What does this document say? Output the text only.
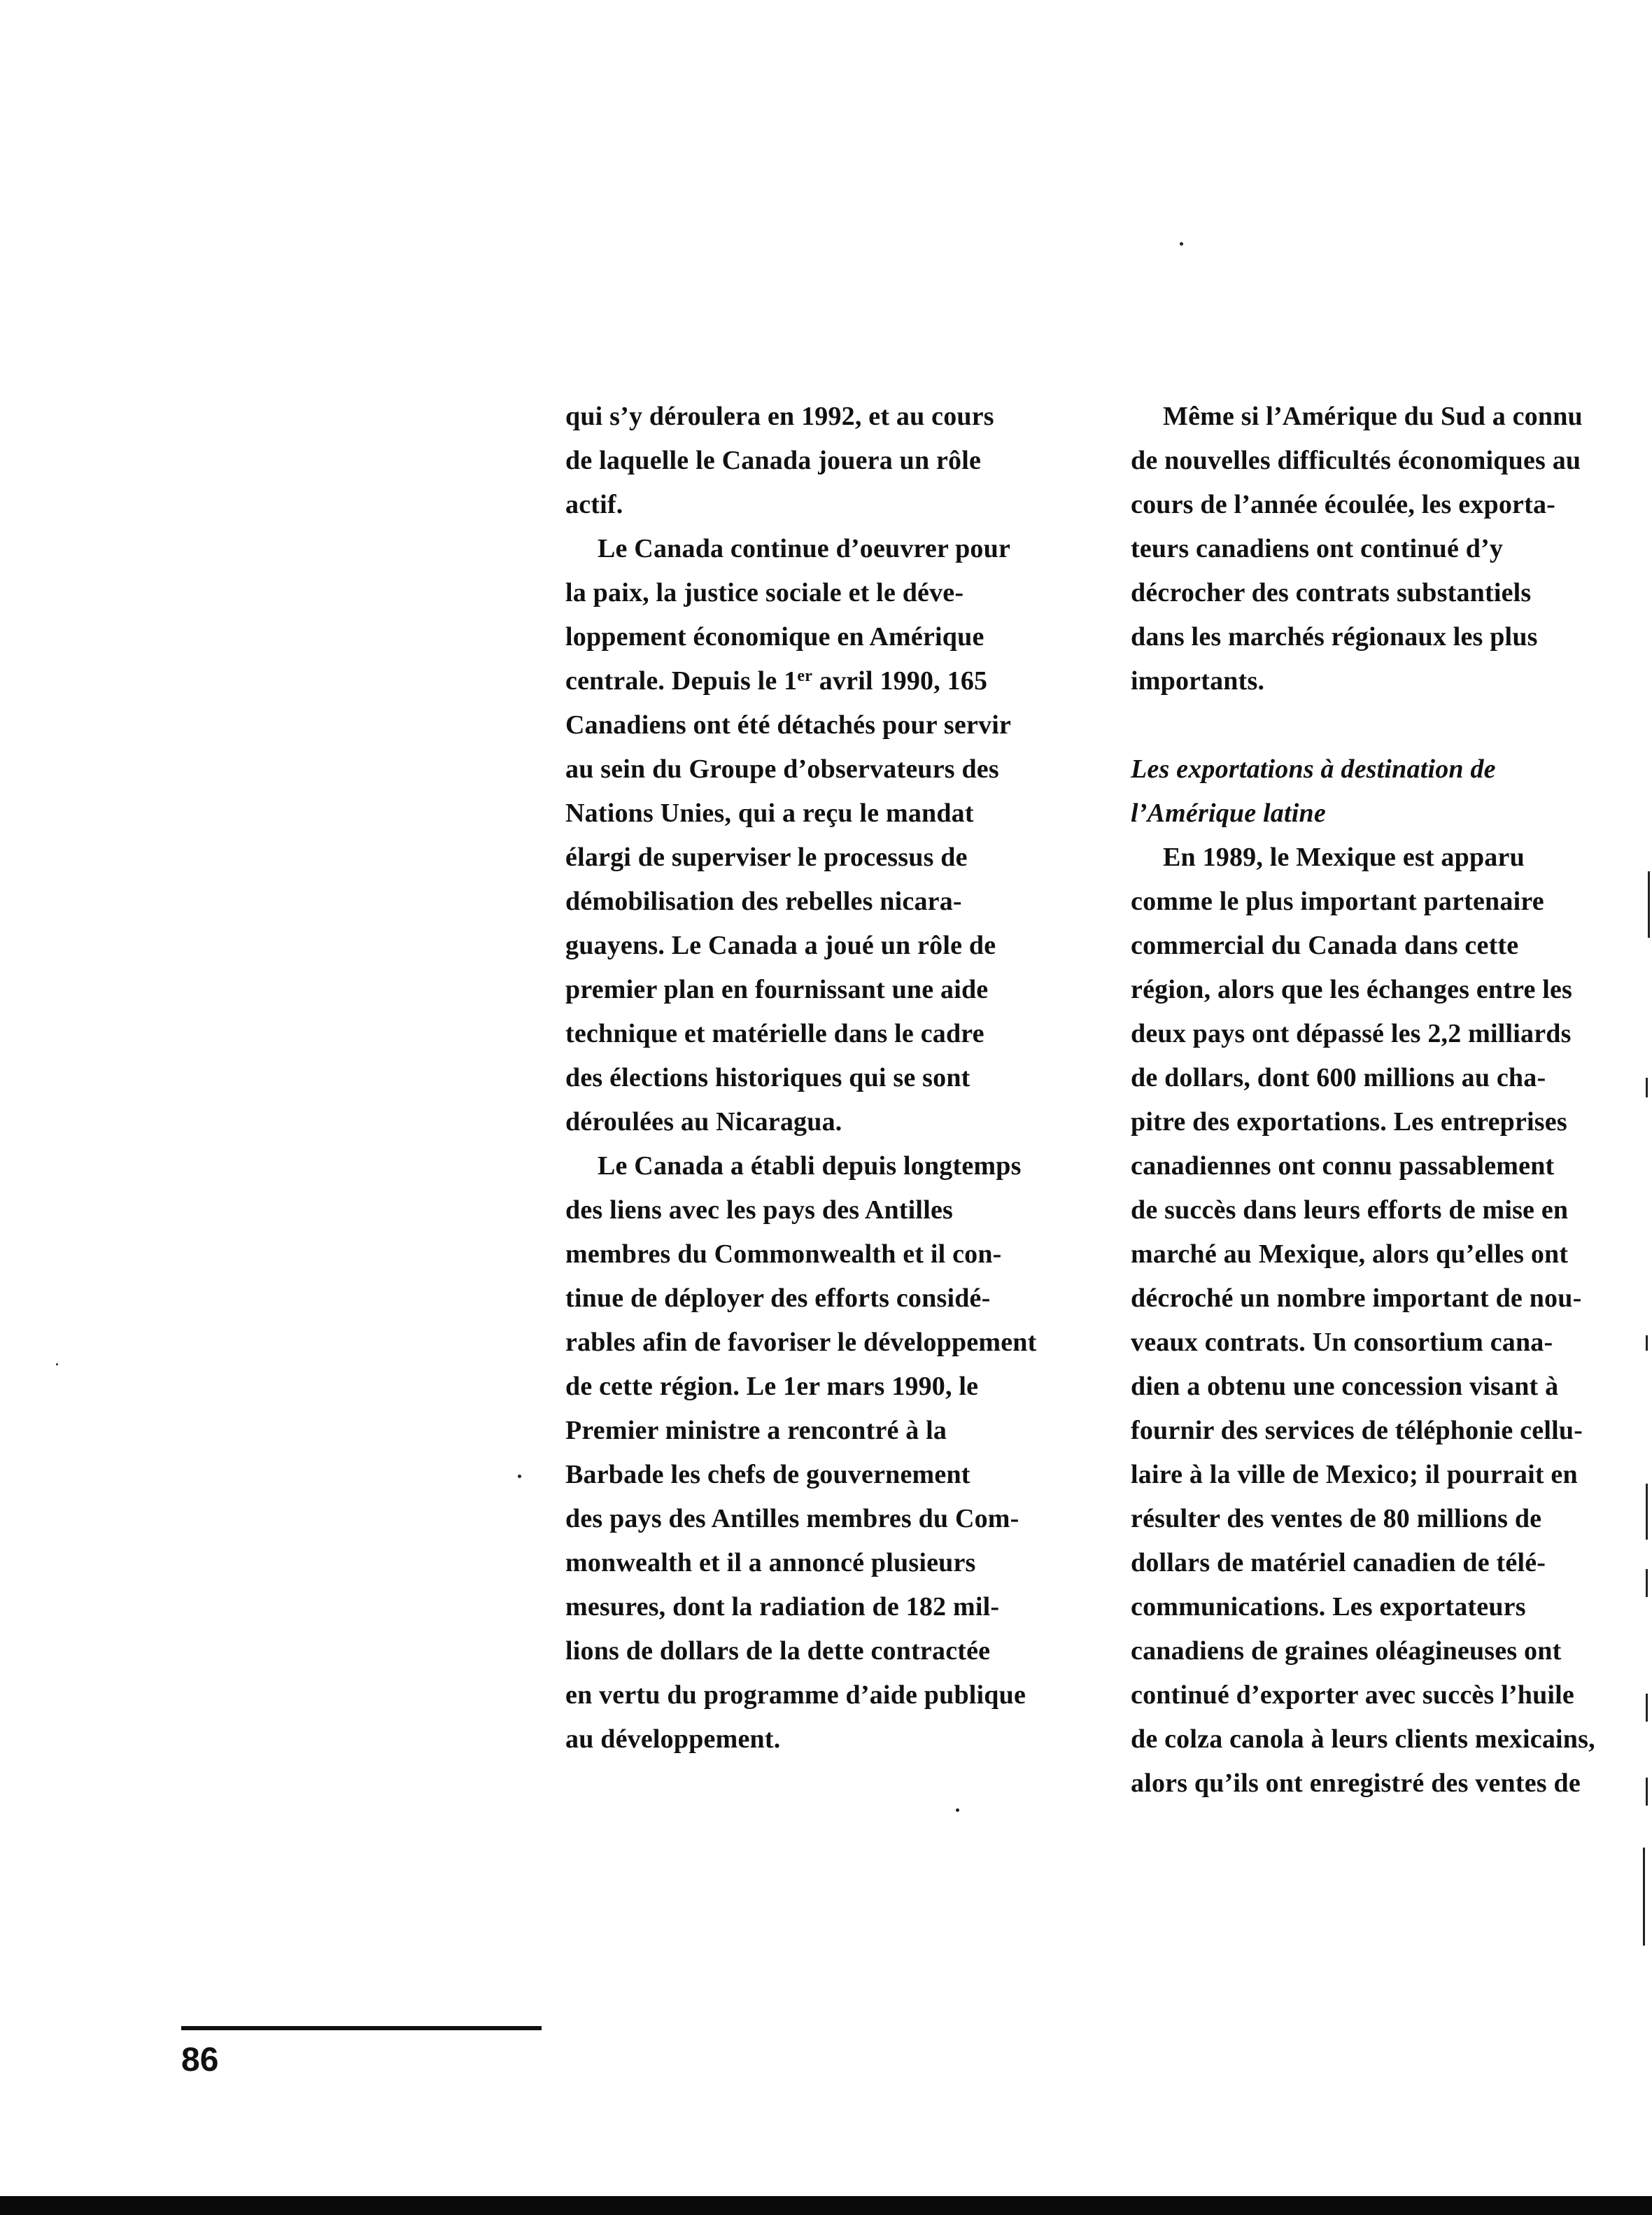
qui s’y déroulera en 1992, et au cours
de laquelle le Canada jouera un rôle
actif.
Le Canada continue d’oeuvrer pour
la paix, la justice sociale et le déve-
loppement économique en Amérique
centrale. Depuis le 1er avril 1990, 165
Canadiens ont été détachés pour servir
au sein du Groupe d’observateurs des
Nations Unies, qui a reçu le mandat
élargi de superviser le processus de
démobilisation des rebelles nicara-
guayens. Le Canada a joué un rôle de
premier plan en fournissant une aide
technique et matérielle dans le cadre
des élections historiques qui se sont
déroulées au Nicaragua.
Le Canada a établi depuis longtemps
des liens avec les pays des Antilles
membres du Commonwealth et il con-
tinue de déployer des efforts considé-
rables afin de favoriser le développement
de cette région. Le 1er mars 1990, le
Premier ministre a rencontré à la
Barbade les chefs de gouvernement
des pays des Antilles membres du Com-
monwealth et il a annoncé plusieurs
mesures, dont la radiation de 182 mil-
lions de dollars de la dette contractée
en vertu du programme d’aide publique
au développement.
Même si l’Amérique du Sud a connu
de nouvelles difficultés économiques au
cours de l’année écoulée, les exporta-
teurs canadiens ont continué d’y
décrocher des contrats substantiels
dans les marchés régionaux les plus
importants.
Les exportations à destination de
l’Amérique latine
En 1989, le Mexique est apparu
comme le plus important partenaire
commercial du Canada dans cette
région, alors que les échanges entre les
deux pays ont dépassé les 2,2 milliards
de dollars, dont 600 millions au cha-
pitre des exportations. Les entreprises
canadiennes ont connu passablement
de succès dans leurs efforts de mise en
marché au Mexique, alors qu’elles ont
décroché un nombre important de nou-
veaux contrats. Un consortium cana-
dien a obtenu une concession visant à
fournir des services de téléphonie cellu-
laire à la ville de Mexico; il pourrait en
résulter des ventes de 80 millions de
dollars de matériel canadien de télé-
communications. Les exportateurs
canadiens de graines oléagineuses ont
continué d’exporter avec succès l’huile
de colza canola à leurs clients mexicains,
alors qu’ils ont enregistré des ventes de
86
